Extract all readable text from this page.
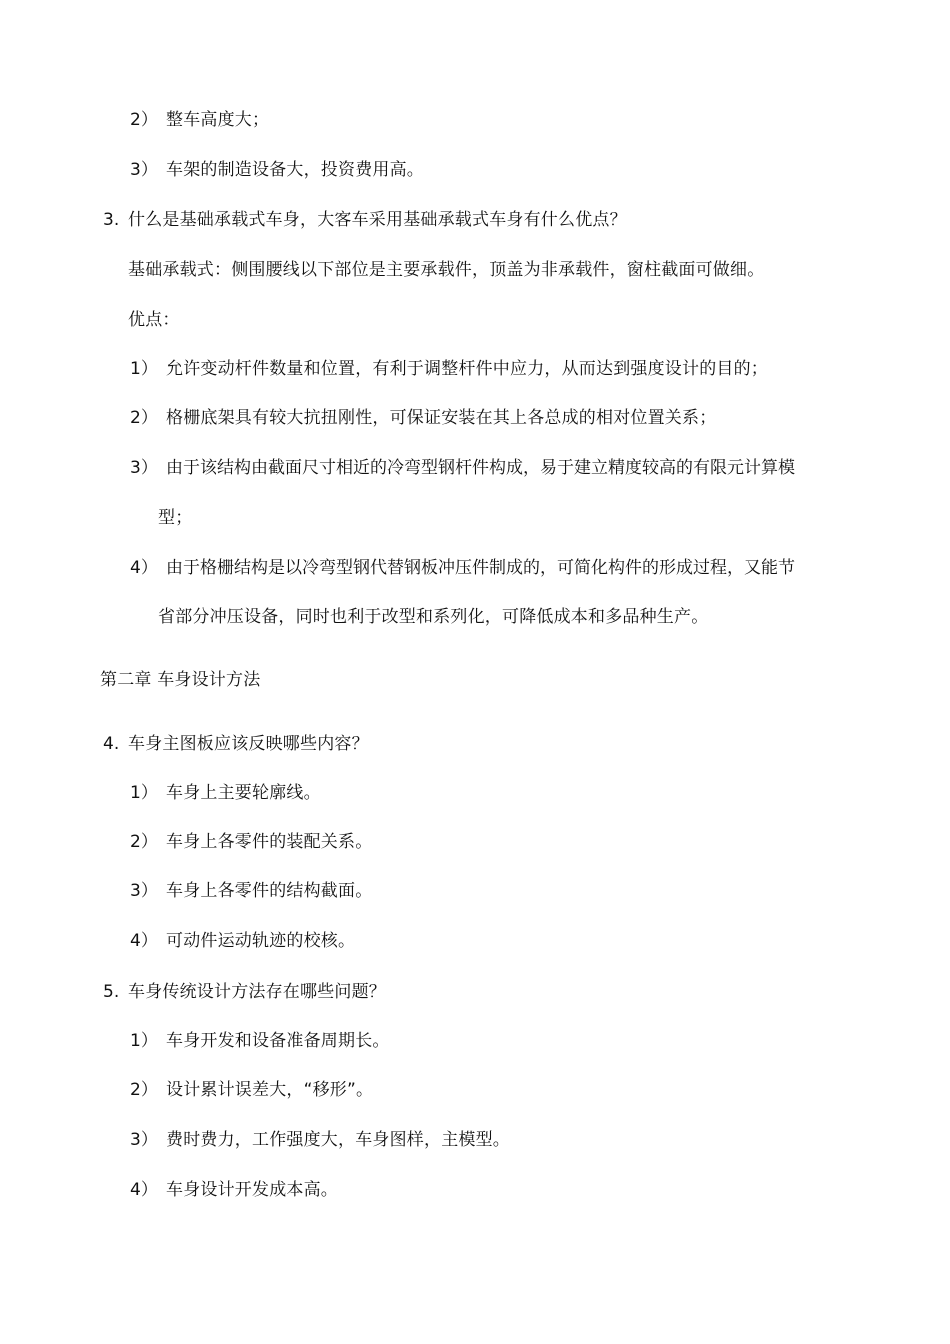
2） 整车高度大；
3） 车架的制造设备大，投资费用高。
3. 什么是基础承载式车身，大客车采用基础承载式车身有什么优点？
基础承载式：侧围腰线以下部位是主要承载件，顶盖为非承载件，窗柱截面可做细。
优点：
1） 允许变动杆件数量和位置，有利于调整杆件中应力，从而达到强度设计的目的；
2） 格栅底架具有较大抗扭刚性，可保证安装在其上各总成的相对位置关系；
3） 由于该结构由截面尺寸相近的冷弯型钢杆件构成，易于建立精度较高的有限元计算模
型；
4） 由于格栅结构是以冷弯型钢代替钢板冲压件制成的，可简化构件的形成过程，又能节
省部分冲压设备，同时也利于改型和系列化，可降低成本和多品种生产。
第二章 车身设计方法
4. 车身主图板应该反映哪些内容？
1） 车身上主要轮廓线。
2） 车身上各零件的装配关系。
3） 车身上各零件的结构截面。
4） 可动件运动轨迹的校核。
5. 车身传统设计方法存在哪些问题？
1） 车身开发和设备准备周期长。
2） 设计累计误差大，“移形”。
3） 费时费力，工作强度大，车身图样，主模型。
4） 车身设计开发成本高。
